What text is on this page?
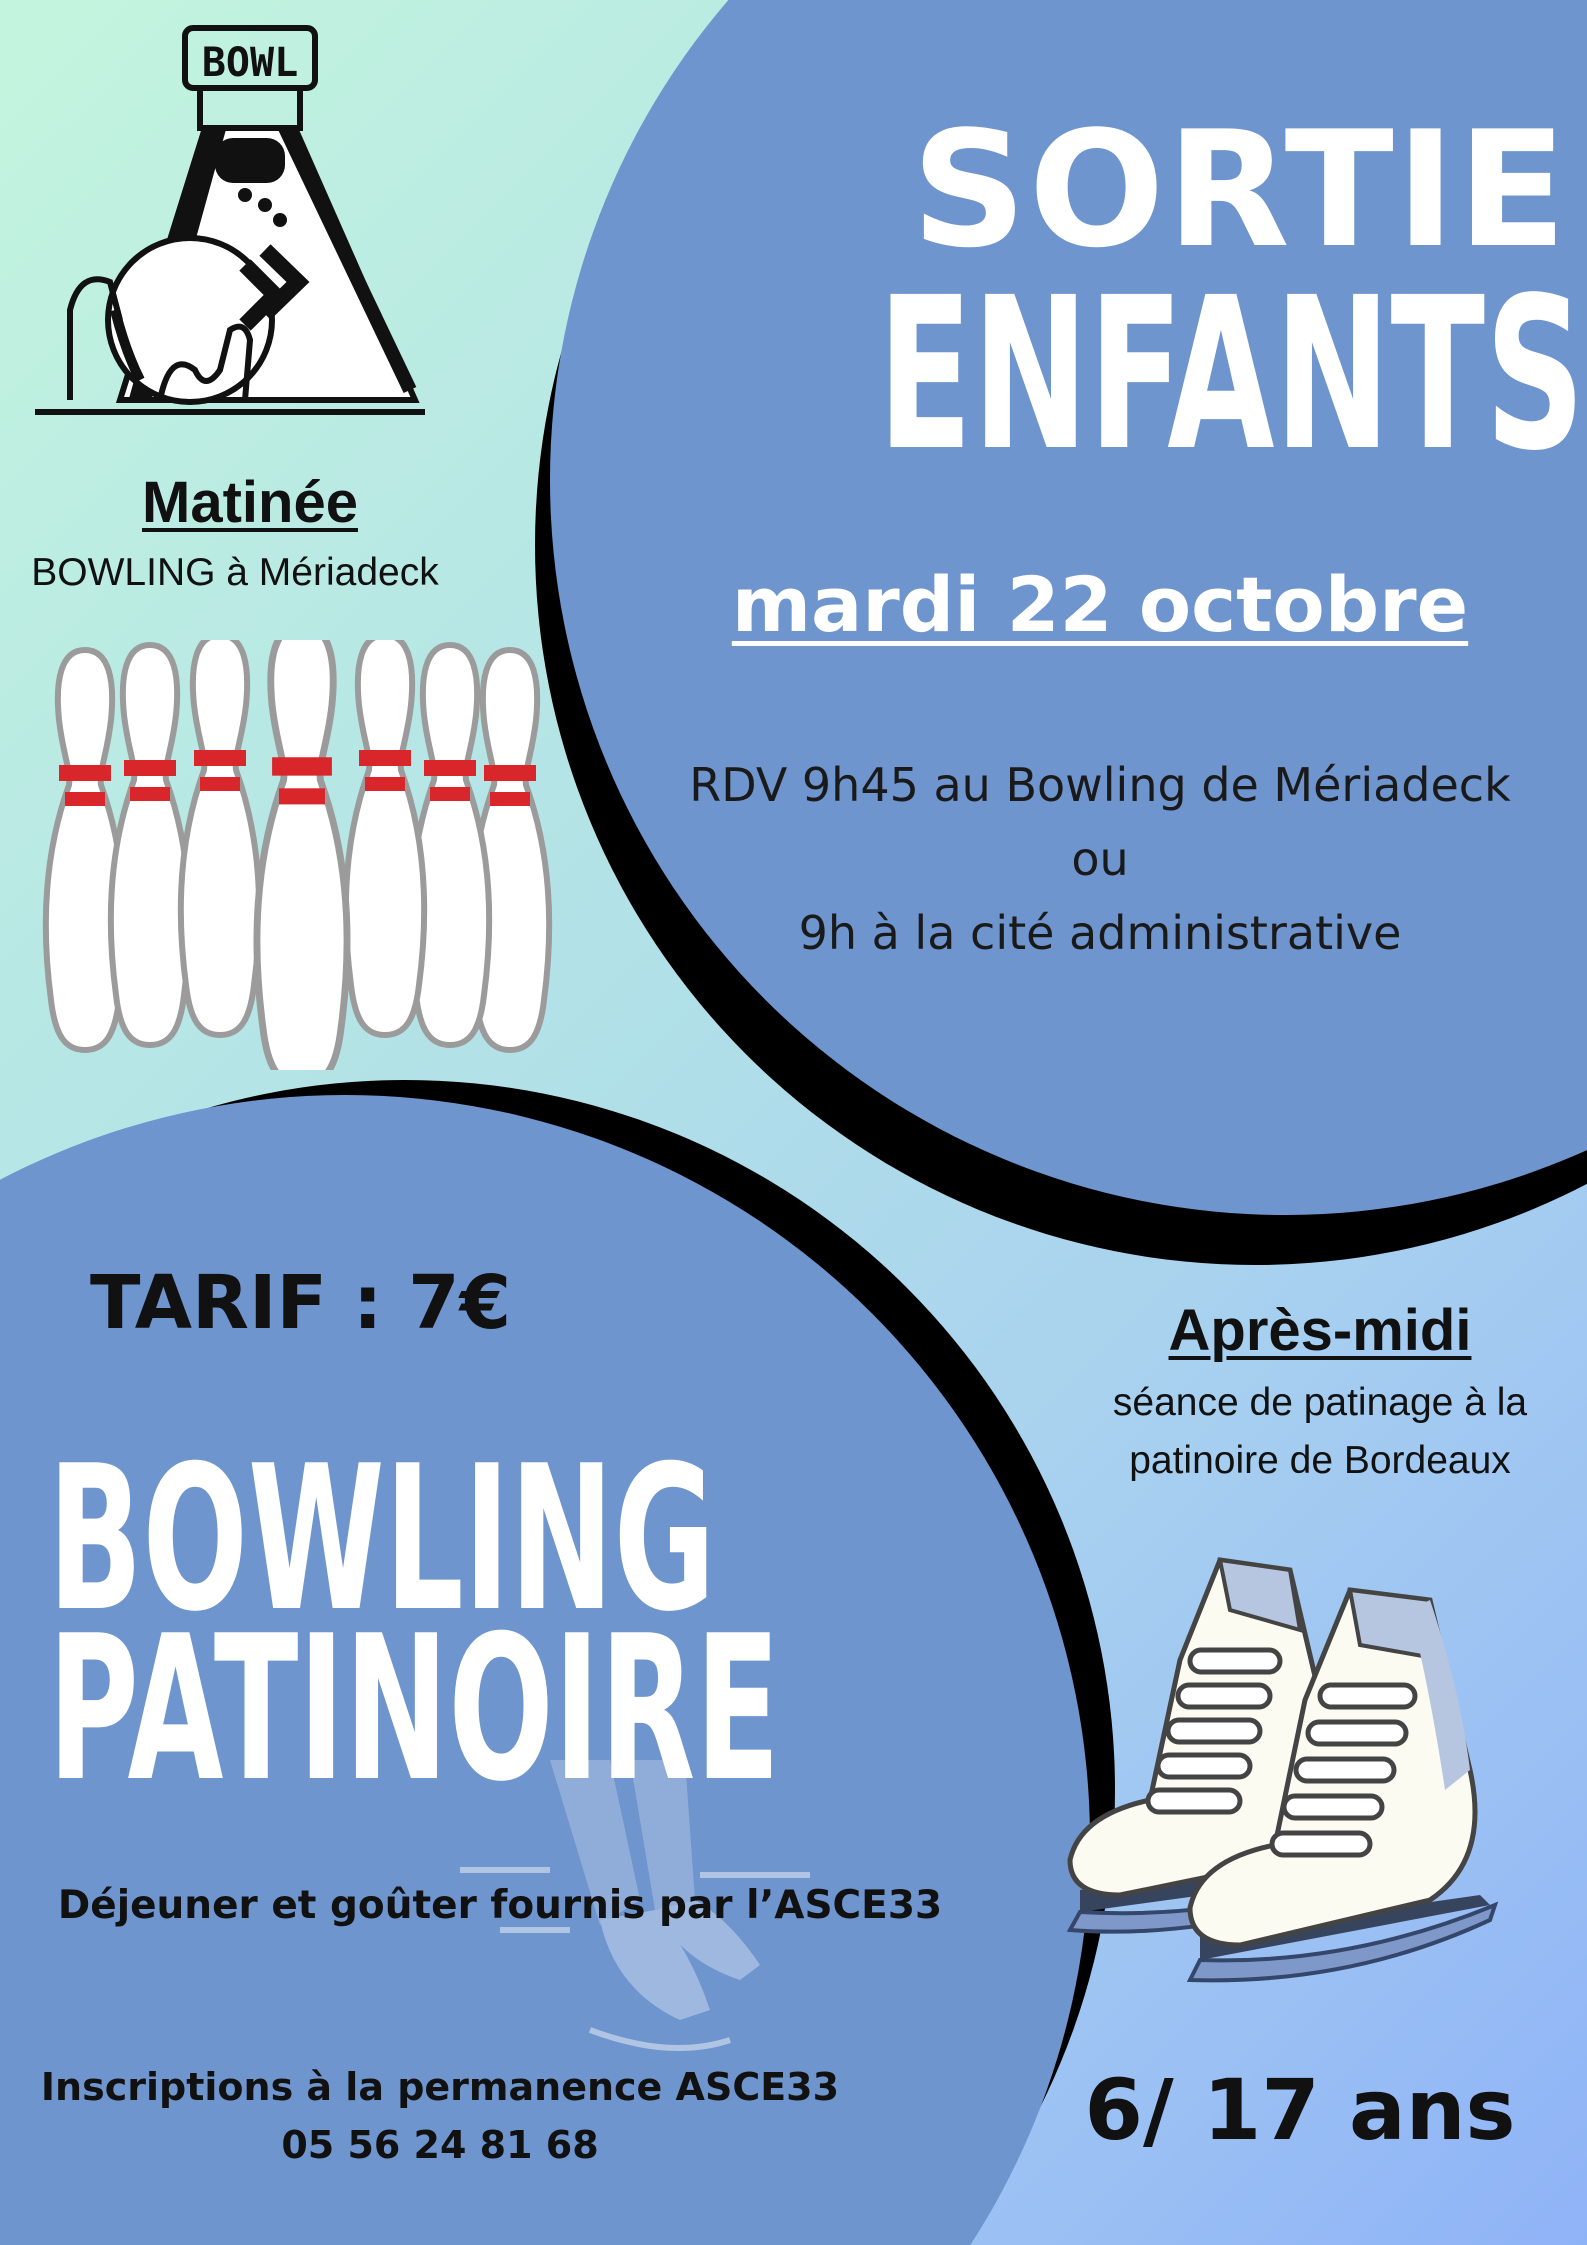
BOWL
SORTIE
ENFANTS
mardi 22 octobre
RDV 9h45 au Bowling de Mériadeck
ou
9h à la cité administrative
Matinée
BOWLING à Mériadeck
TARIF : 7€
BOWLING
PATINOIRE
Déjeuner et goûter fournis par l’ASCE33
Inscriptions à la permanence ASCE33
05 56 24 81 68
Après-midi
séance de patinage à la
patinoire de Bordeaux
6/ 17 ans
